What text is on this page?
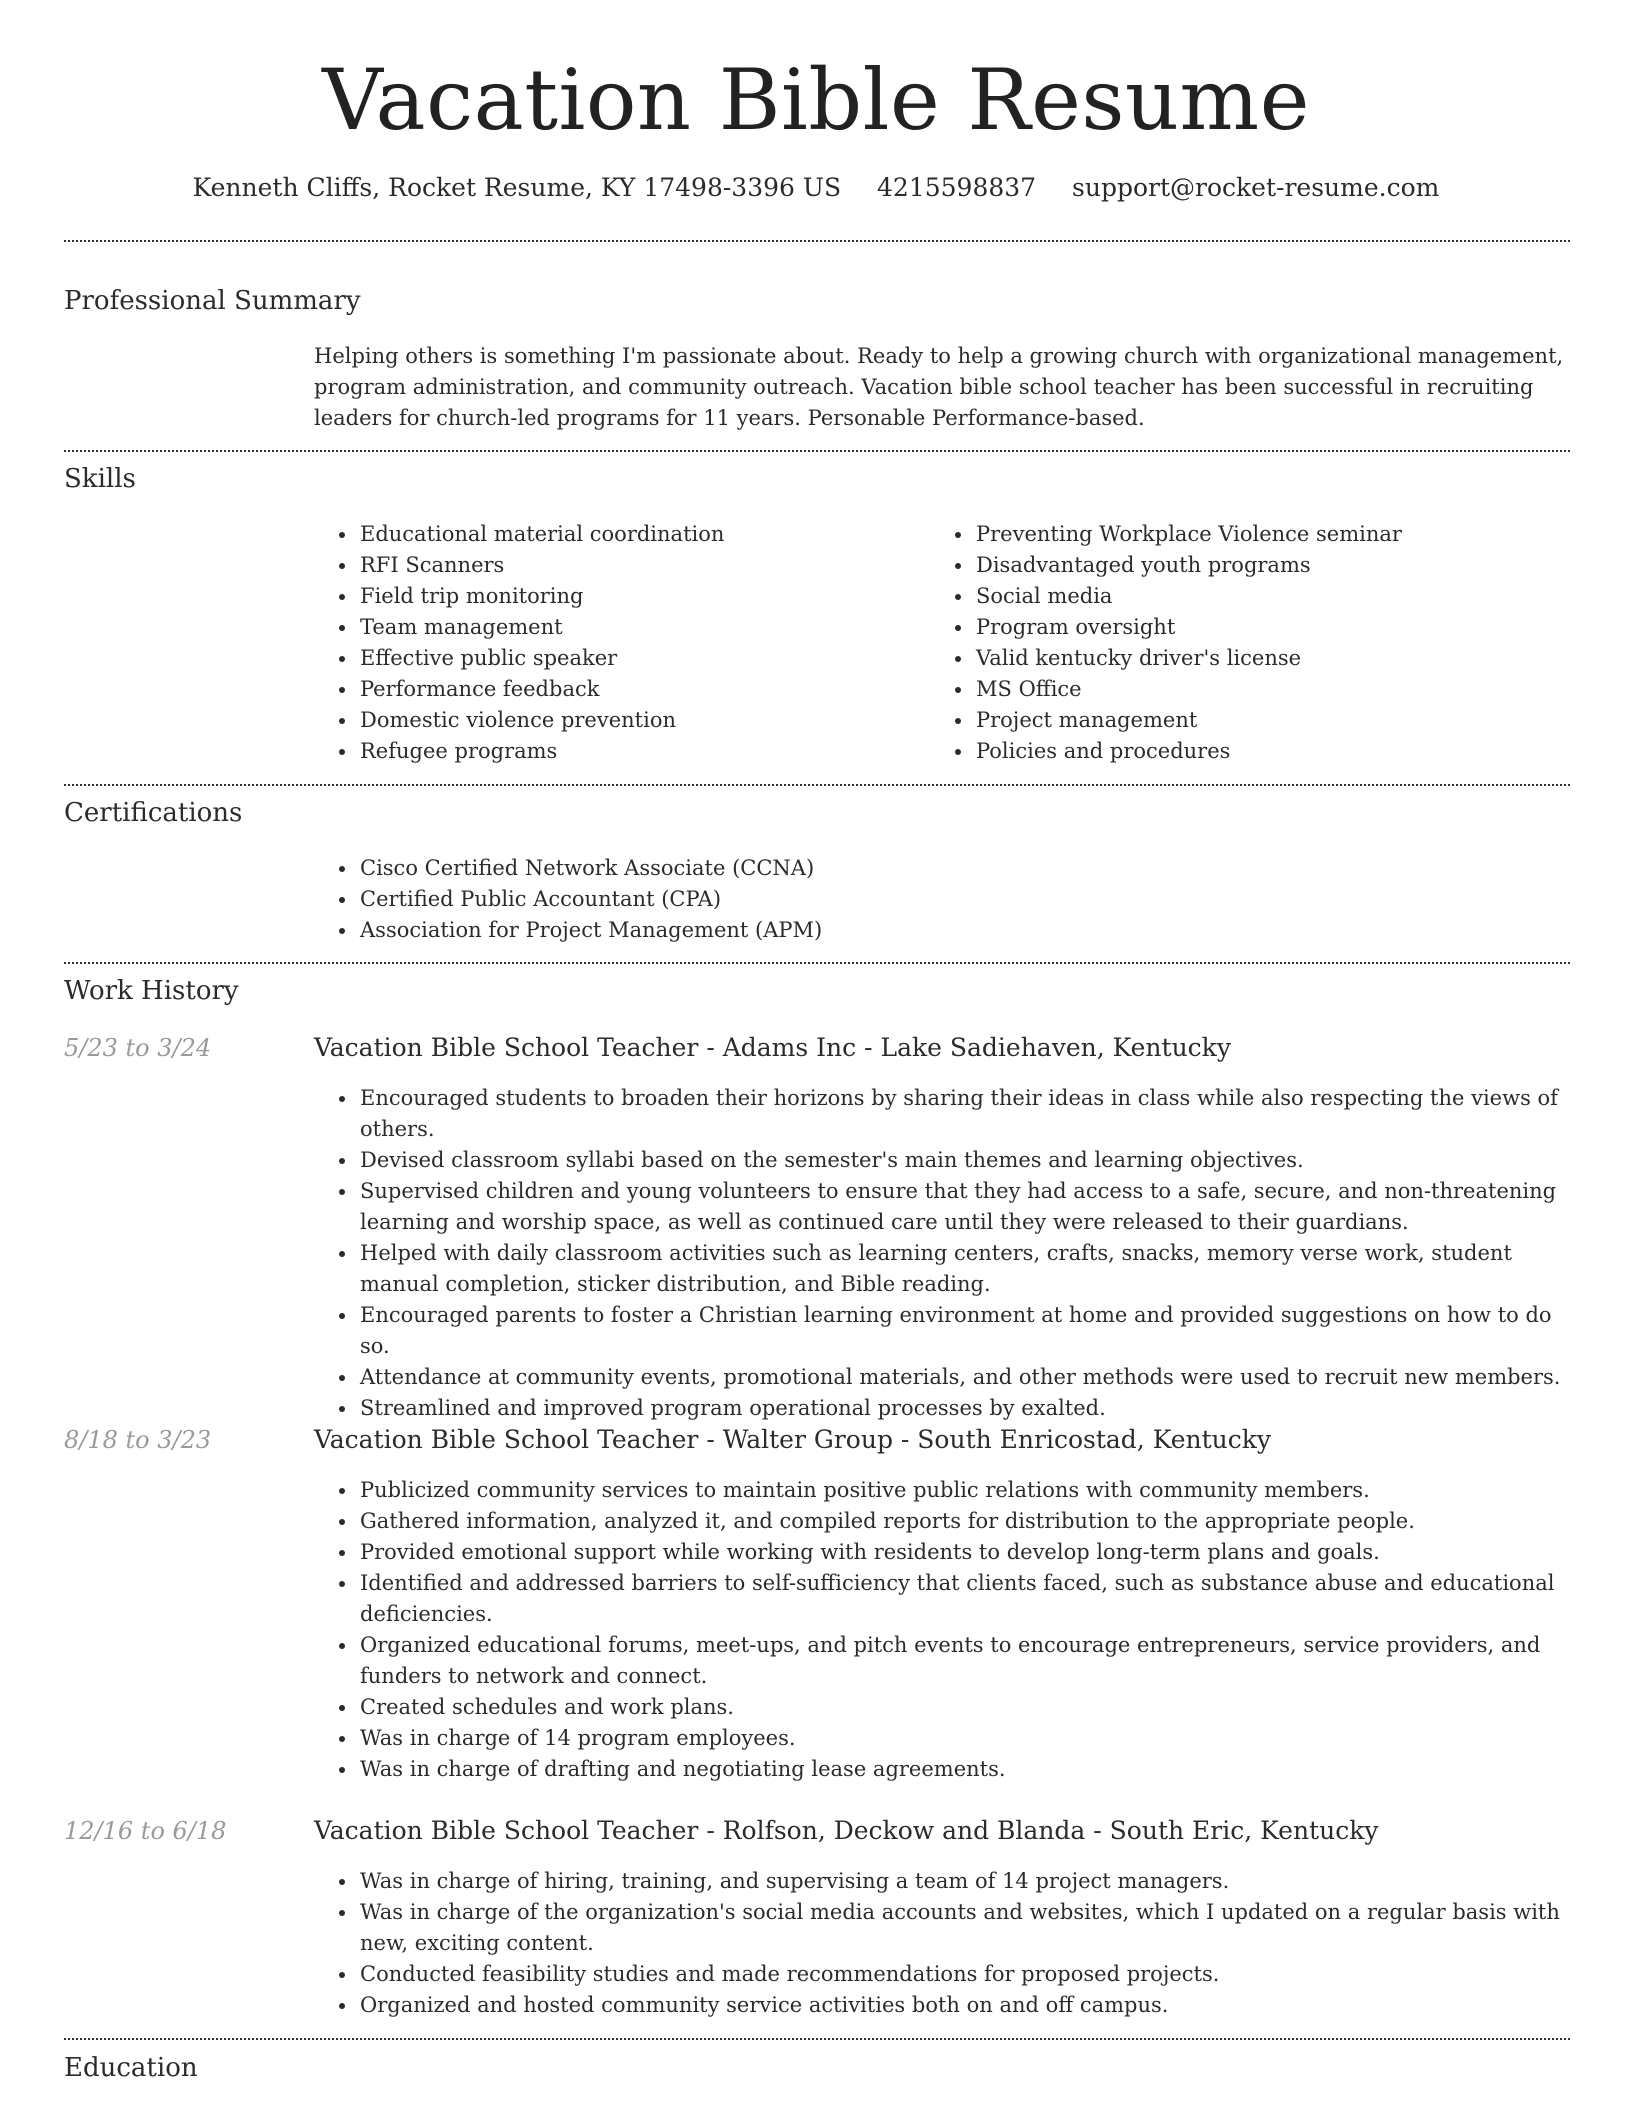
Vacation Bible Resume
Kenneth Cliffs, Rocket Resume, KY 17498-3396 US 4215598837 support@rocket-resume.com
Professional Summary
Helping others is something I'm passionate about. Ready to help a growing church with organizational management, program administration, and community outreach. Vacation bible school teacher has been successful in recruiting leaders for church-led programs for 11 years. Personable Performance-based.
Skills
• Educational material coordination
• RFI Scanners
• Field trip monitoring
• Team management
• Effective public speaker
• Performance feedback
• Domestic violence prevention
• Refugee programs
• Preventing Workplace Violence seminar
• Disadvantaged youth programs
• Social media
• Program oversight
• Valid kentucky driver's license
• MS Office
• Project management
• Policies and procedures
Certifications
• Cisco Certified Network Associate (CCNA)
• Certified Public Accountant (CPA)
• Association for Project Management (APM)
Work History
5/23 to 3/24	Vacation Bible School Teacher - Adams Inc - Lake Sadiehaven, Kentucky
• Encouraged students to broaden their horizons by sharing their ideas in class while also respecting the views of others.
• Devised classroom syllabi based on the semester's main themes and learning objectives.
• Supervised children and young volunteers to ensure that they had access to a safe, secure, and non-threatening learning and worship space, as well as continued care until they were released to their guardians.
• Helped with daily classroom activities such as learning centers, crafts, snacks, memory verse work, student manual completion, sticker distribution, and Bible reading.
• Encouraged parents to foster a Christian learning environment at home and provided suggestions on how to do so.
• Attendance at community events, promotional materials, and other methods were used to recruit new members.
• Streamlined and improved program operational processes by exalted.
8/18 to 3/23	Vacation Bible School Teacher - Walter Group - South Enricostad, Kentucky
• Publicized community services to maintain positive public relations with community members.
• Gathered information, analyzed it, and compiled reports for distribution to the appropriate people.
• Provided emotional support while working with residents to develop long-term plans and goals.
• Identified and addressed barriers to self-sufficiency that clients faced, such as substance abuse and educational deficiencies.
• Organized educational forums, meet-ups, and pitch events to encourage entrepreneurs, service providers, and funders to network and connect.
• Created schedules and work plans.
• Was in charge of 14 program employees.
• Was in charge of drafting and negotiating lease agreements.
12/16 to 6/18	Vacation Bible School Teacher - Rolfson, Deckow and Blanda - South Eric, Kentucky
• Was in charge of hiring, training, and supervising a team of 14 project managers.
• Was in charge of the organization's social media accounts and websites, which I updated on a regular basis with new, exciting content.
• Conducted feasibility studies and made recommendations for proposed projects.
• Organized and hosted community service activities both on and off campus.
Education
